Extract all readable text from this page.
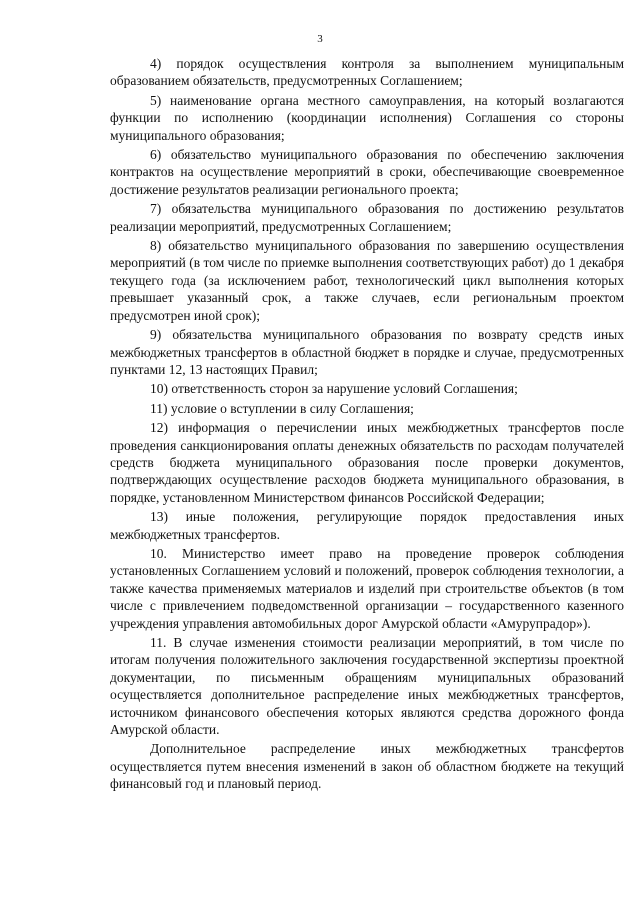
3

4) порядок осуществления контроля за выполнением муниципальным образованием обязательств, предусмотренных Соглашением;

5) наименование органа местного самоуправления, на который возлагаются функции по исполнению (координации исполнения) Соглашения со стороны муниципального образования;

6) обязательство муниципального образования по обеспечению заключения контрактов на осуществление мероприятий в сроки, обеспечивающие своевременное достижение результатов реализации регионального проекта;

7) обязательства муниципального образования по достижению результатов реализации мероприятий, предусмотренных Соглашением;

8) обязательство муниципального образования по завершению осуществления мероприятий (в том числе по приемке выполнения соответствующих работ) до 1 декабря текущего года (за исключением работ, технологический цикл выполнения которых превышает указанный срок, а также случаев, если региональным проектом предусмотрен иной срок);

9) обязательства муниципального образования по возврату средств иных межбюджетных трансфертов в областной бюджет в порядке и случае, предусмотренных пунктами 12, 13 настоящих Правил;

10) ответственность сторон за нарушение условий Соглашения;

11) условие о вступлении в силу Соглашения;

12) информация о перечислении иных межбюджетных трансфертов после проведения санкционирования оплаты денежных обязательств по расходам получателей средств бюджета муниципального образования после проверки документов, подтверждающих осуществление расходов бюджета муниципального образования, в порядке, установленном Министерством финансов Российской Федерации;

13) иные положения, регулирующие порядок предоставления иных межбюджетных трансфертов.

10. Министерство имеет право на проведение проверок соблюдения установленных Соглашением условий и положений, проверок соблюдения технологии, а также качества применяемых материалов и изделий при строительстве объектов (в том числе с привлечением подведомственной организации – государственного казенного учреждения управления автомобильных дорог Амурской области «Амурупрадор»).

11. В случае изменения стоимости реализации мероприятий, в том числе по итогам получения положительного заключения государственной экспертизы проектной документации, по письменным обращениям муниципальных образований осуществляется дополнительное распределение иных межбюджетных трансфертов, источником финансового обеспечения которых являются средства дорожного фонда Амурской области.

Дополнительное распределение иных межбюджетных трансфертов осуществляется путем внесения изменений в закон об областном бюджете на текущий финансовый год и плановый период.
